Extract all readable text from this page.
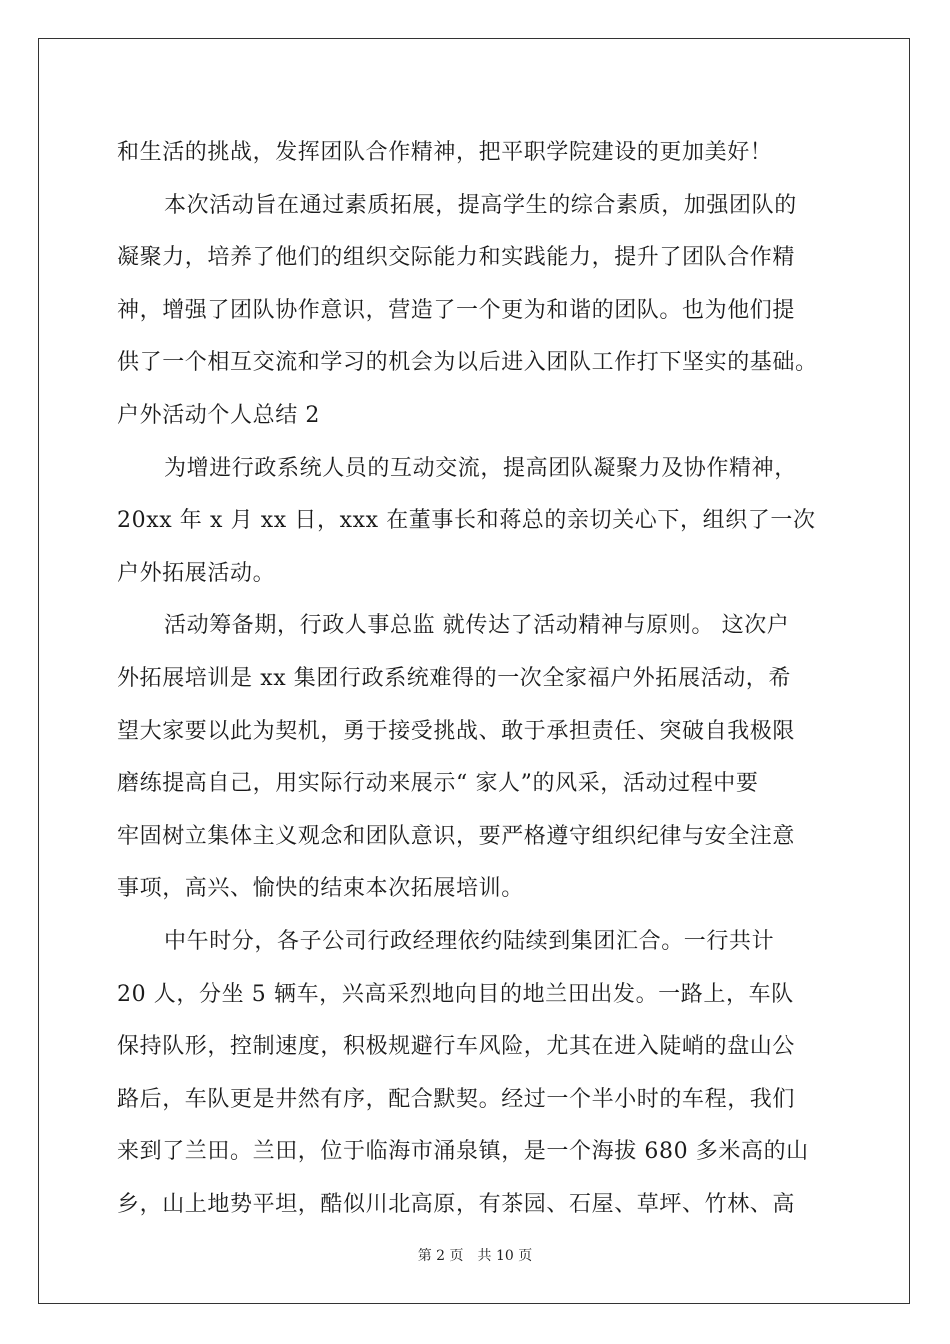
和生活的挑战，发挥团队合作精神，把平职学院建设的更加美好！
本次活动旨在通过素质拓展，提高学生的综合素质，加强团队的
凝聚力，培养了他们的组织交际能力和实践能力，提升了团队合作精
神，增强了团队协作意识，营造了一个更为和谐的团队。也为他们提
供了一个相互交流和学习的机会为以后进入团队工作打下坚实的基础。
户外活动个人总结 2
为增进行政系统人员的互动交流，提高团队凝聚力及协作精神，
20xx 年 x 月 xx 日，xxx 在董事长和蒋总的亲切关心下，组织了一次
户外拓展活动。
活动筹备期，行政人事总监 就传达了活动精神与原则。 这次户
外拓展培训是 xx 集团行政系统难得的一次全家福户外拓展活动，希
望大家要以此为契机，勇于接受挑战、敢于承担责任、突破自我极限
磨练提高自己，用实际行动来展示“ 家人”的风采，活动过程中要
牢固树立集体主义观念和团队意识，要严格遵守组织纪律与安全注意
事项，高兴、愉快的结束本次拓展培训。
中午时分，各子公司行政经理依约陆续到集团汇合。一行共计
20 人，分坐 5 辆车，兴高采烈地向目的地兰田出发。一路上，车队
保持队形，控制速度，积极规避行车风险，尤其在进入陡峭的盘山公
路后，车队更是井然有序，配合默契。经过一个半小时的车程，我们
来到了兰田。兰田，位于临海市涌泉镇，是一个海拔 680 多米高的山
乡，山上地势平坦，酷似川北高原，有茶园、石屋、草坪、竹林、高
第 2 页　共 10 页
